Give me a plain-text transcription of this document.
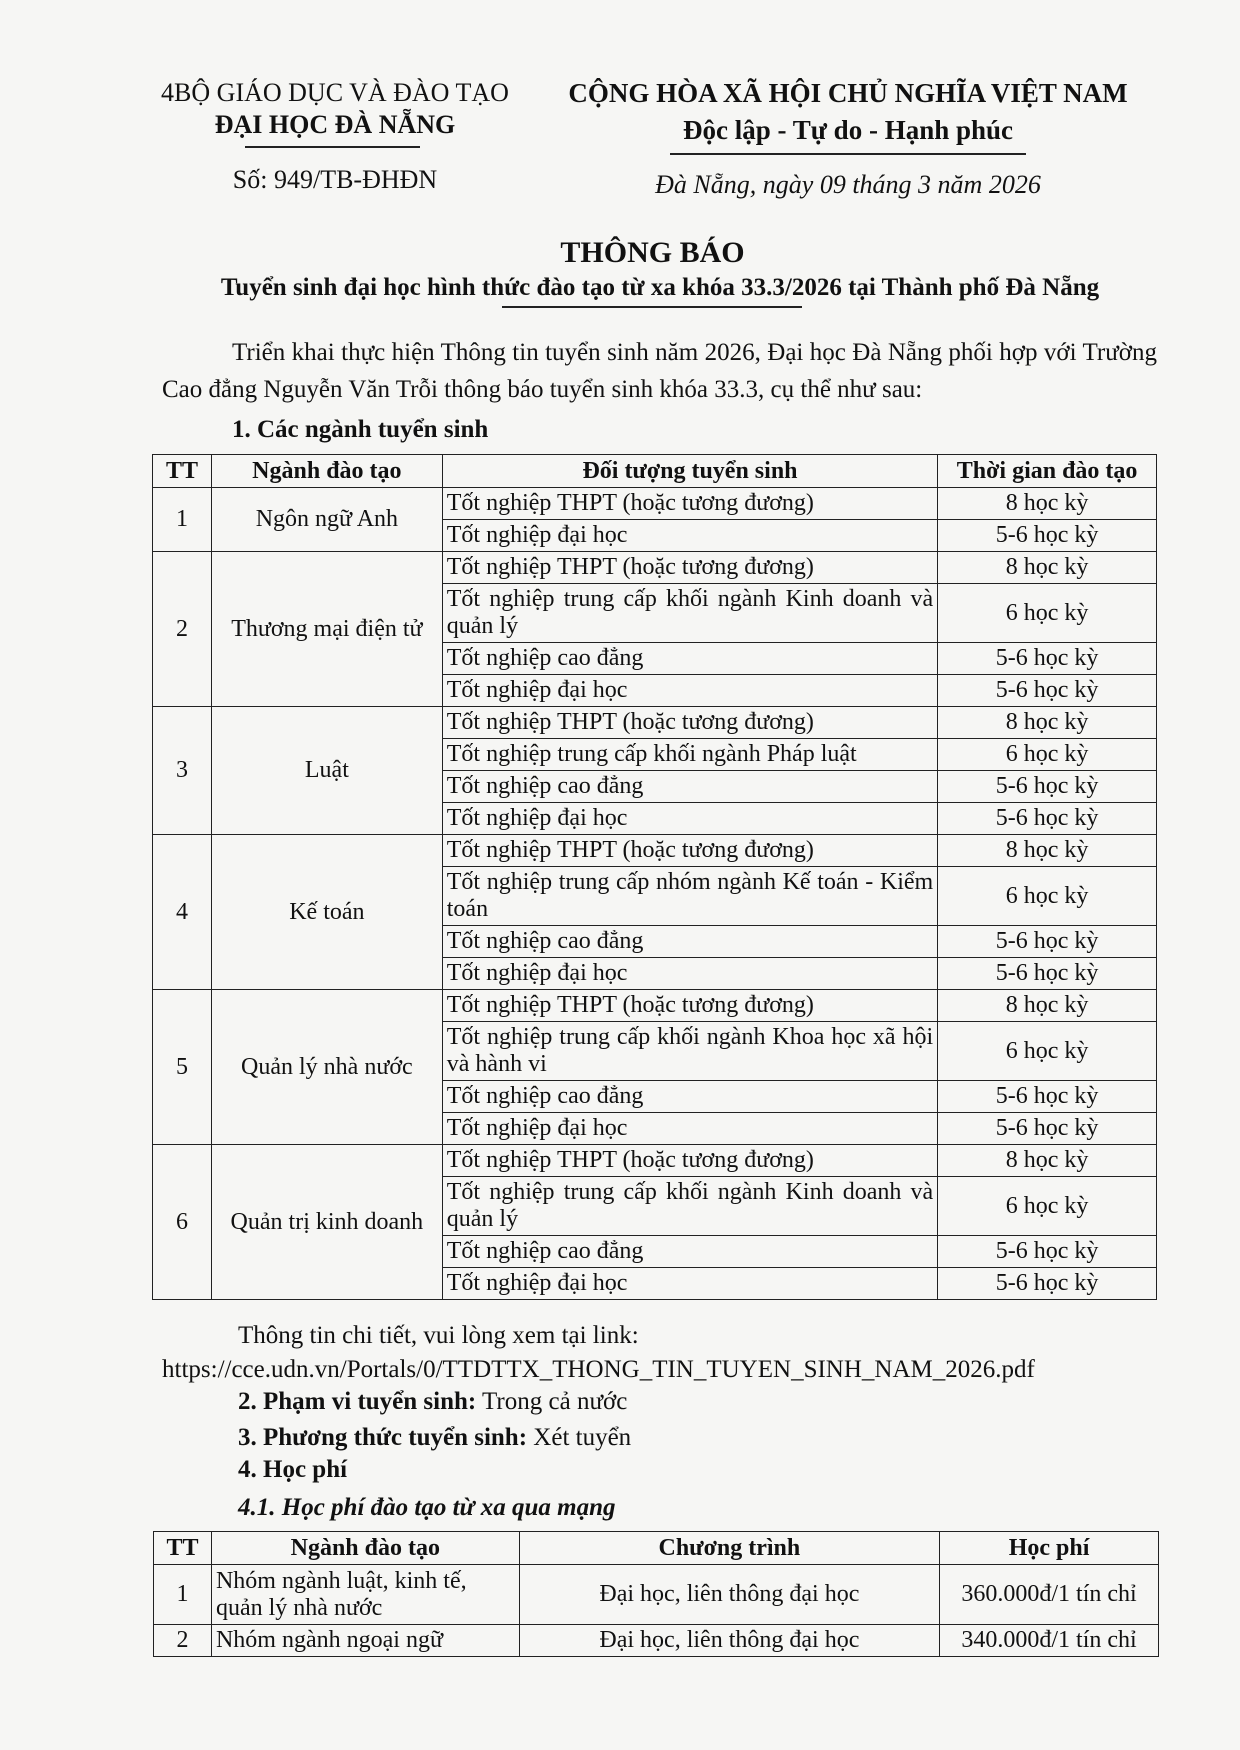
4BỘ GIÁO DỤC VÀ ĐÀO TẠO
ĐẠI HỌC ĐÀ NẴNG
Số: 949/TB-ĐHĐN
CỘNG HÒA XÃ HỘI CHỦ NGHĨA VIỆT NAM
Độc lập - Tự do - Hạnh phúc
Đà Nẵng, ngày 09 tháng 3 năm 2026
THÔNG BÁO
Tuyển sinh đại học hình thức đào tạo từ xa khóa 33.3/2026 tại Thành phố Đà Nẵng

Triển khai thực hiện Thông tin tuyển sinh năm 2026, Đại học Đà Nẵng phối hợp với Trường Cao đẳng Nguyễn Văn Trỗi thông báo tuyển sinh khóa 33.3, cụ thể như sau:

1. Các ngành tuyển sinh
TT	Ngành đào tạo	Đối tượng tuyển sinh	Thời gian đào tạo
1	Ngôn ngữ Anh	Tốt nghiệp THPT (hoặc tương đương)	8 học kỳ
		Tốt nghiệp đại học	5-6 học kỳ
2	Thương mại điện tử	Tốt nghiệp THPT (hoặc tương đương)	8 học kỳ
		Tốt nghiệp trung cấp khối ngành Kinh doanh và quản lý	6 học kỳ
		Tốt nghiệp cao đẳng	5-6 học kỳ
		Tốt nghiệp đại học	5-6 học kỳ
3	Luật	Tốt nghiệp THPT (hoặc tương đương)	8 học kỳ
		Tốt nghiệp trung cấp khối ngành Pháp luật	6 học kỳ
		Tốt nghiệp cao đẳng	5-6 học kỳ
		Tốt nghiệp đại học	5-6 học kỳ
4	Kế toán	Tốt nghiệp THPT (hoặc tương đương)	8 học kỳ
		Tốt nghiệp trung cấp nhóm ngành Kế toán - Kiểm toán	6 học kỳ
		Tốt nghiệp cao đẳng	5-6 học kỳ
		Tốt nghiệp đại học	5-6 học kỳ
5	Quản lý nhà nước	Tốt nghiệp THPT (hoặc tương đương)	8 học kỳ
		Tốt nghiệp trung cấp khối ngành Khoa học xã hội và hành vi	6 học kỳ
		Tốt nghiệp cao đẳng	5-6 học kỳ
		Tốt nghiệp đại học	5-6 học kỳ
6	Quản trị kinh doanh	Tốt nghiệp THPT (hoặc tương đương)	8 học kỳ
		Tốt nghiệp trung cấp khối ngành Kinh doanh và quản lý	6 học kỳ
		Tốt nghiệp cao đẳng	5-6 học kỳ
		Tốt nghiệp đại học	5-6 học kỳ
Thông tin chi tiết, vui lòng xem tại link:
https://cce.udn.vn/Portals/0/TTDTTX_THONG_TIN_TUYEN_SINH_NAM_2026.pdf
2. Phạm vi tuyển sinh: Trong cả nước
3. Phương thức tuyển sinh: Xét tuyển
4. Học phí
4.1. Học phí đào tạo từ xa qua mạng
TT	Ngành đào tạo	Chương trình	Học phí
1	Nhóm ngành luật, kinh tế, quản lý nhà nước	Đại học, liên thông đại học	360.000đ/1 tín chỉ
2	Nhóm ngành ngoại ngữ	Đại học, liên thông đại học	340.000đ/1 tín chỉ
